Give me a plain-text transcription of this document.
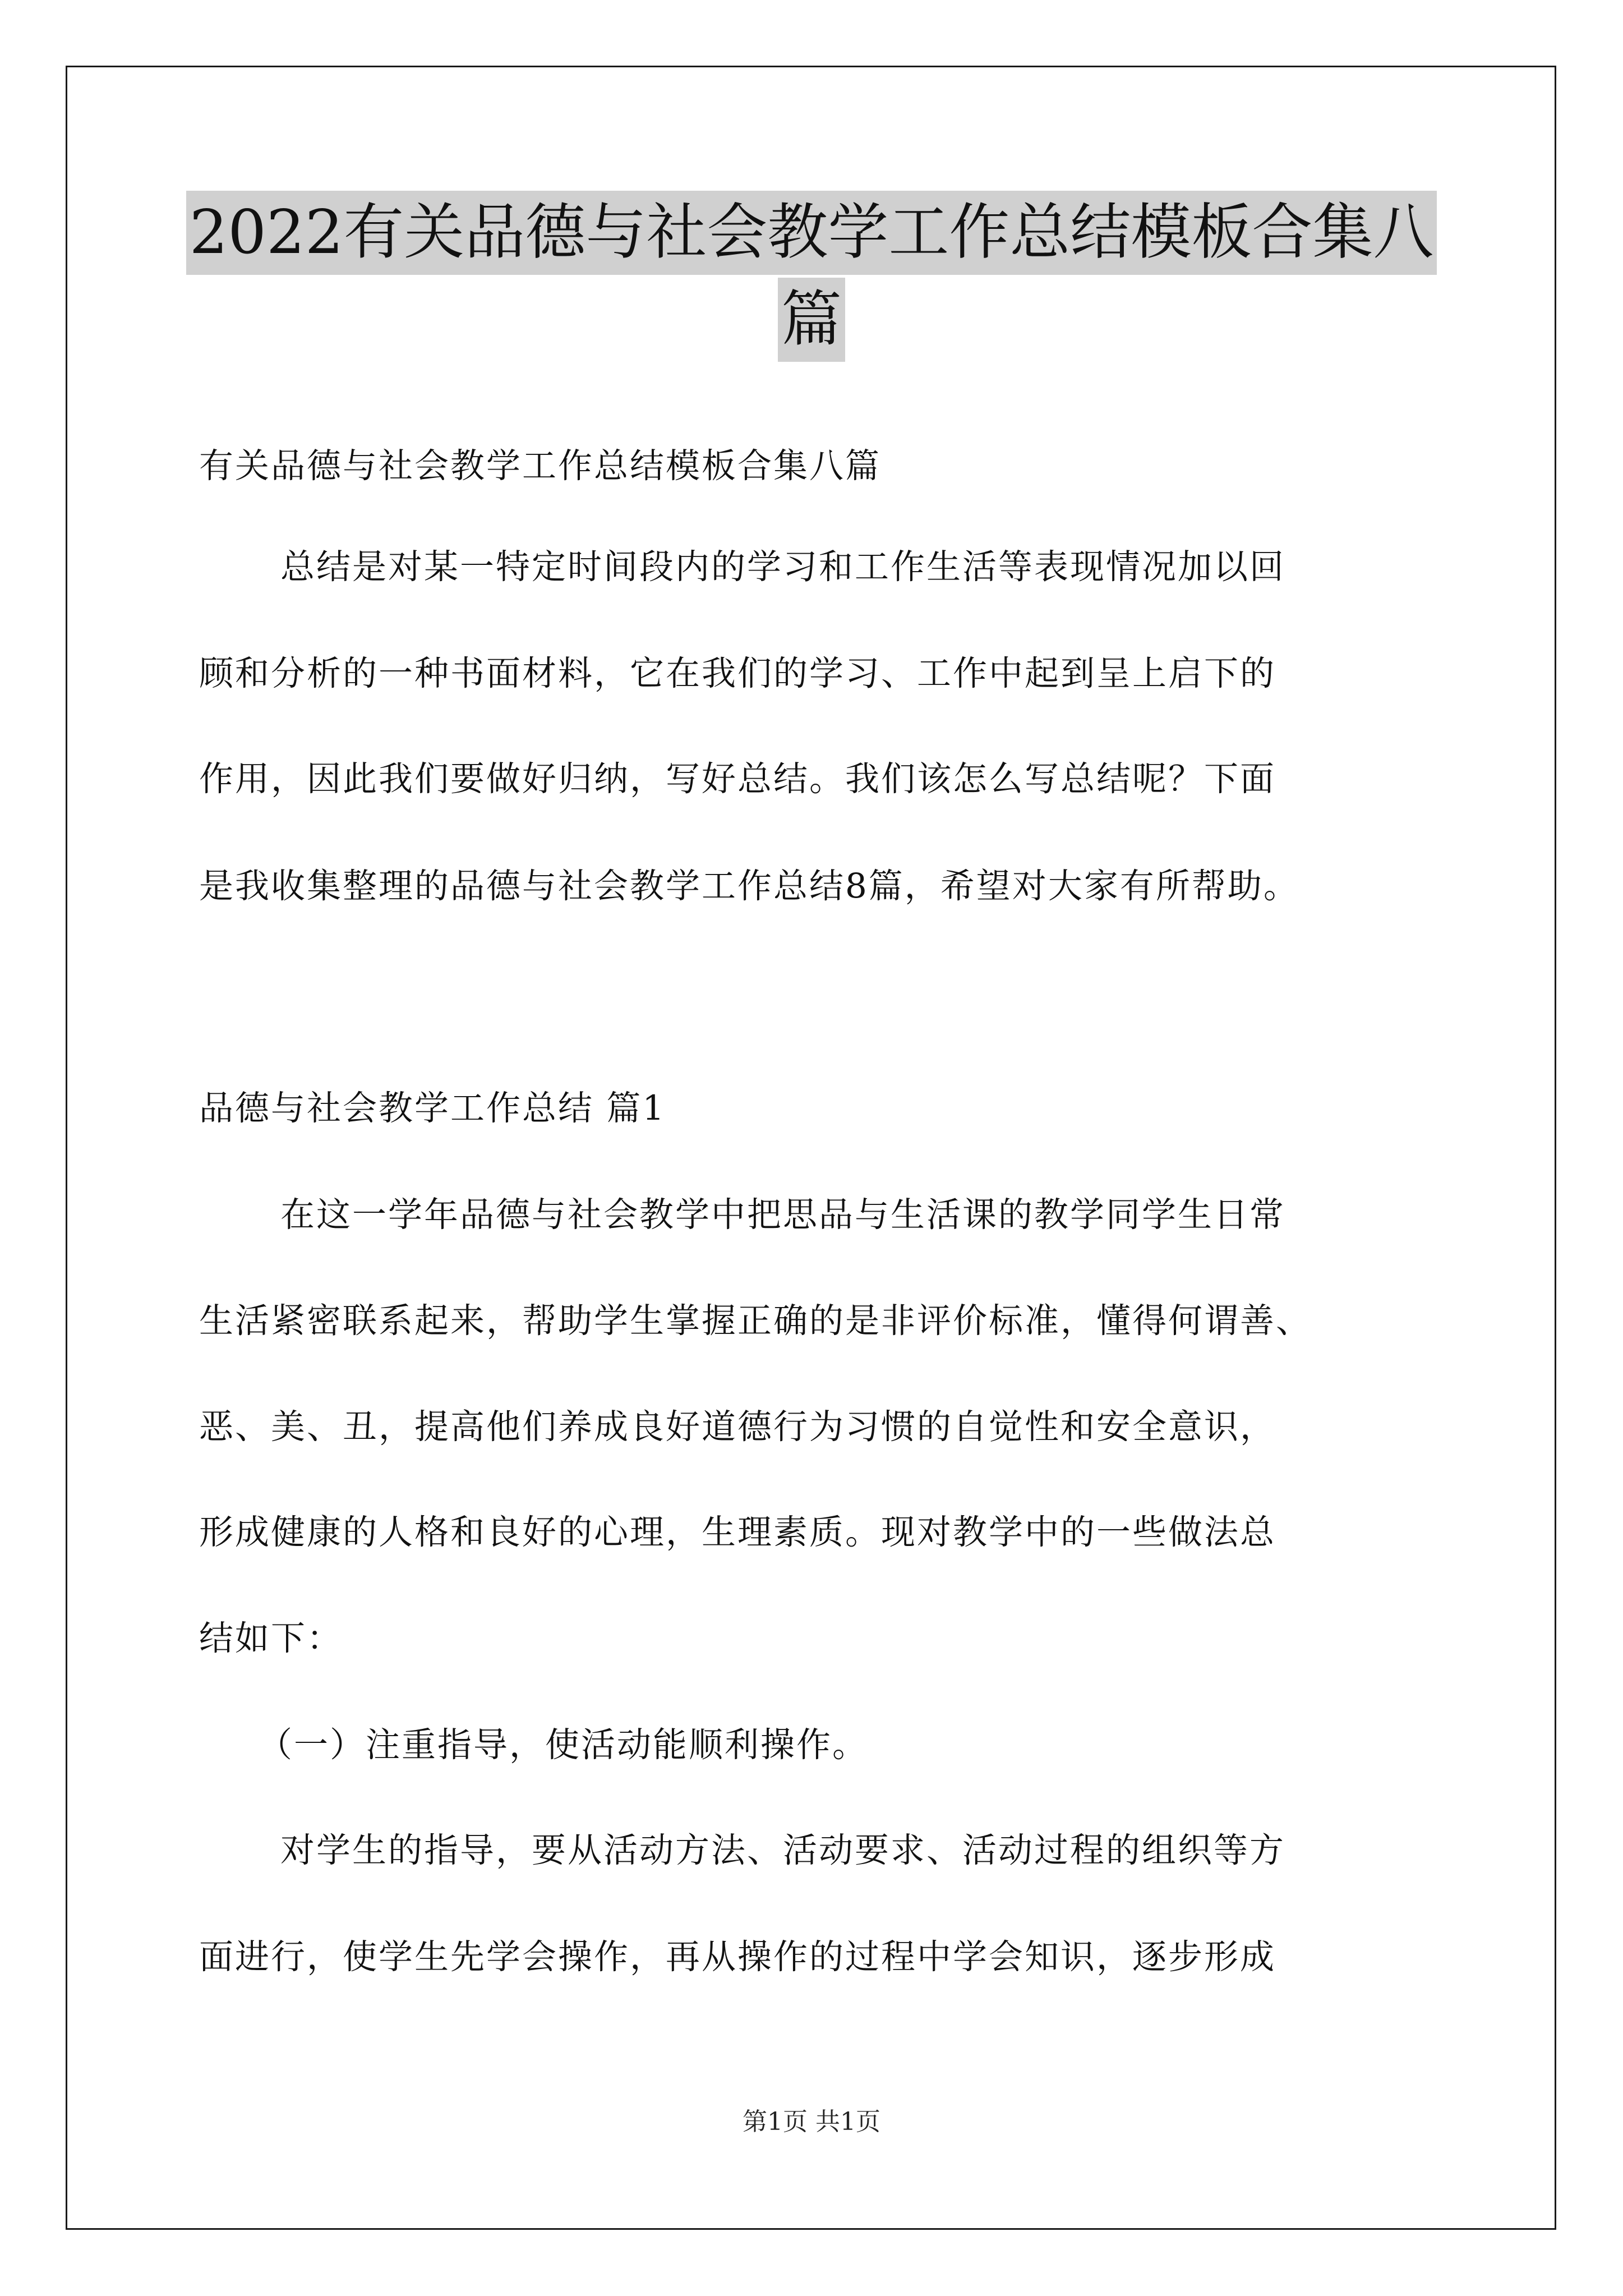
2022有关品德与社会教学工作总结模板合集八
篇
有关品德与社会教学工作总结模板合集八篇
总结是对某一特定时间段内的学习和工作生活等表现情况加以回
顾和分析的一种书面材料，它在我们的学习、工作中起到呈上启下的
作用，因此我们要做好归纳，写好总结。我们该怎么写总结呢？下面
是我收集整理的品德与社会教学工作总结8篇，希望对大家有所帮助。
品德与社会教学工作总结 篇1
在这一学年品德与社会教学中把思品与生活课的教学同学生日常
生活紧密联系起来，帮助学生掌握正确的是非评价标准，懂得何谓善、
恶、美、丑，提高他们养成良好道德行为习惯的自觉性和安全意识，
形成健康的人格和良好的心理，生理素质。现对教学中的一些做法总
结如下：
（一）注重指导，使活动能顺利操作。
对学生的指导，要从活动方法、活动要求、活动过程的组织等方
面进行，使学生先学会操作，再从操作的过程中学会知识，逐步形成
第1页 共1页
